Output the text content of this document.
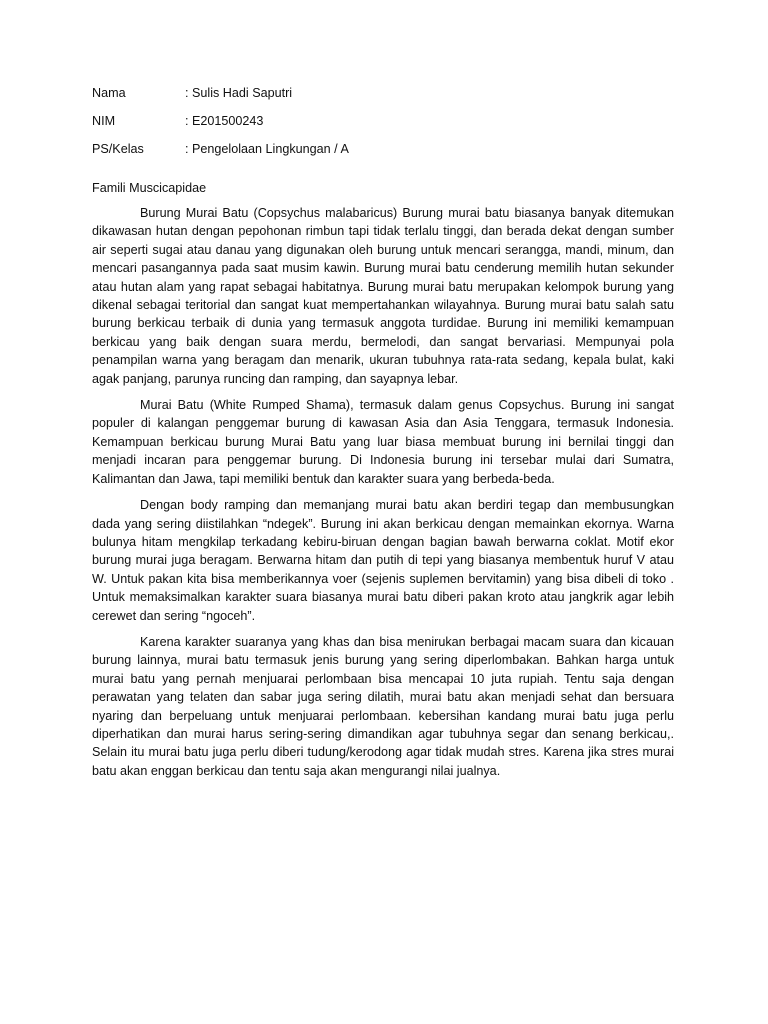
Nama	: Sulis Hadi Saputri
NIM	: E201500243
PS/Kelas	: Pengelolaan Lingkungan / A
Famili Muscicapidae

Burung Murai Batu (Copsychus malabaricus) Burung murai batu biasanya banyak ditemukan dikawasan hutan dengan pepohonan rimbun tapi tidak terlalu tinggi, dan berada dekat dengan sumber air seperti sugai atau danau yang digunakan oleh burung untuk mencari serangga, mandi, minum, dan mencari pasangannya pada saat musim kawin. Burung murai batu cenderung memilih hutan sekunder atau hutan alam yang rapat sebagai habitatnya. Burung murai batu merupakan kelompok burung yang dikenal sebagai teritorial dan sangat kuat mempertahankan wilayahnya. Burung murai batu salah satu burung berkicau terbaik di dunia yang termasuk anggota turdidae. Burung ini memiliki kemampuan berkicau yang baik dengan suara merdu, bermelodi, dan sangat bervariasi. Mempunyai pola penampilan warna yang beragam dan menarik, ukuran tubuhnya rata-rata sedang, kepala bulat, kaki agak panjang, parunya runcing dan ramping, dan sayapnya lebar.

Murai Batu (White Rumped Shama), termasuk dalam genus Copsychus. Burung ini sangat populer di kalangan penggemar burung di kawasan Asia dan Asia Tenggara, termasuk Indonesia. Kemampuan berkicau burung Murai Batu yang luar biasa membuat burung ini bernilai tinggi dan menjadi incaran para penggemar burung. Di Indonesia burung ini tersebar mulai dari Sumatra, Kalimantan dan Jawa, tapi memiliki bentuk dan karakter suara yang berbeda-beda.

Dengan body ramping dan memanjang murai batu akan berdiri tegap dan membusungkan dada yang sering diistilahkan “ndegek”. Burung ini akan berkicau dengan memainkan ekornya. Warna bulunya hitam mengkilap terkadang kebiru-biruan dengan bagian bawah berwarna coklat. Motif ekor burung murai juga beragam. Berwarna hitam dan putih di tepi yang biasanya membentuk huruf V atau W. Untuk pakan kita bisa memberikannya voer (sejenis suplemen bervitamin) yang bisa dibeli di toko . Untuk memaksimalkan karakter suara biasanya murai batu diberi pakan kroto atau jangkrik agar lebih cerewet dan sering “ngoceh”.

Karena karakter suaranya yang khas dan bisa menirukan berbagai macam suara dan kicauan burung lainnya, murai batu termasuk jenis burung yang sering diperlombakan. Bahkan harga untuk murai batu yang pernah menjuarai perlombaan bisa mencapai 10 juta rupiah. Tentu saja dengan perawatan yang telaten dan sabar juga sering dilatih, murai batu akan menjadi sehat dan bersuara nyaring dan berpeluang untuk menjuarai perlombaan. kebersihan kandang murai batu juga perlu diperhatikan dan murai harus sering-sering dimandikan agar tubuhnya segar dan senang berkicau,. Selain itu murai batu juga perlu diberi tudung/kerodong agar tidak mudah stres. Karena jika stres murai batu akan enggan berkicau dan tentu saja akan mengurangi nilai jualnya.
